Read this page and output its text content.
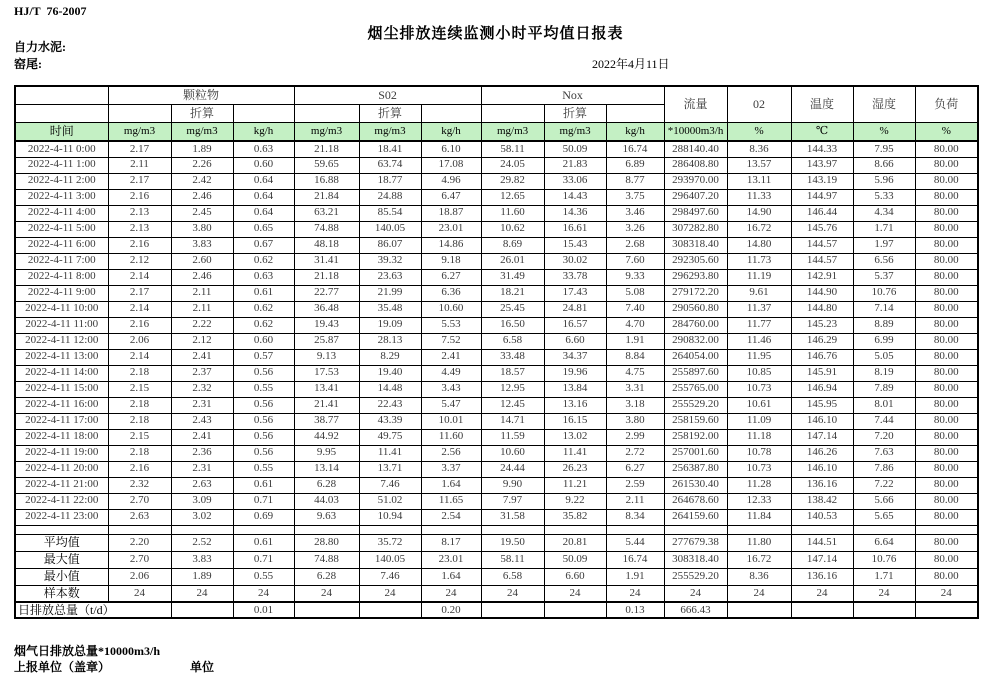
HJ/T  76-2007
烟尘排放连续监测小时平均值日报表
自力水泥:
窑尾:	2022年4月11日
	颗粒物			S02			Nox			流量	02	温度	湿度	负荷
		折算			折算			折算						
时间	mg/m3	mg/m3	kg/h	mg/m3	mg/m3	kg/h	mg/m3	mg/m3	kg/h	*10000m3/h	%	℃	%	%
2022-4-11 0:00	2.17	1.89	0.63	21.18	18.41	6.10	58.11	50.09	16.74	288140.40	8.36	144.33	7.95	80.00
2022-4-11 1:00	2.11	2.26	0.60	59.65	63.74	17.08	24.05	21.83	6.89	286408.80	13.57	143.97	8.66	80.00
2022-4-11 2:00	2.17	2.42	0.64	16.88	18.77	4.96	29.82	33.06	8.77	293970.00	13.11	143.19	5.96	80.00
2022-4-11 3:00	2.16	2.46	0.64	21.84	24.88	6.47	12.65	14.43	3.75	296407.20	11.33	144.97	5.33	80.00
2022-4-11 4:00	2.13	2.45	0.64	63.21	85.54	18.87	11.60	14.36	3.46	298497.60	14.90	146.44	4.34	80.00
2022-4-11 5:00	2.13	3.80	0.65	74.88	140.05	23.01	10.62	16.61	3.26	307282.80	16.72	145.76	1.71	80.00
2022-4-11 6:00	2.16	3.83	0.67	48.18	86.07	14.86	8.69	15.43	2.68	308318.40	14.80	144.57	1.97	80.00
2022-4-11 7:00	2.12	2.60	0.62	31.41	39.32	9.18	26.01	30.02	7.60	292305.60	11.73	144.57	6.56	80.00
2022-4-11 8:00	2.14	2.46	0.63	21.18	23.63	6.27	31.49	33.78	9.33	296293.80	11.19	142.91	5.37	80.00
2022-4-11 9:00	2.17	2.11	0.61	22.77	21.99	6.36	18.21	17.43	5.08	279172.20	9.61	144.90	10.76	80.00
2022-4-11 10:00	2.14	2.11	0.62	36.48	35.48	10.60	25.45	24.81	7.40	290560.80	11.37	144.80	7.14	80.00
2022-4-11 11:00	2.16	2.22	0.62	19.43	19.09	5.53	16.50	16.57	4.70	284760.00	11.77	145.23	8.89	80.00
2022-4-11 12:00	2.06	2.12	0.60	25.87	28.13	7.52	6.58	6.60	1.91	290832.00	11.46	146.29	6.99	80.00
2022-4-11 13:00	2.14	2.41	0.57	9.13	8.29	2.41	33.48	34.37	8.84	264054.00	11.95	146.76	5.05	80.00
2022-4-11 14:00	2.18	2.37	0.56	17.53	19.40	4.49	18.57	19.96	4.75	255897.60	10.85	145.91	8.19	80.00
2022-4-11 15:00	2.15	2.32	0.55	13.41	14.48	3.43	12.95	13.84	3.31	255765.00	10.73	146.94	7.89	80.00
2022-4-11 16:00	2.18	2.31	0.56	21.41	22.43	5.47	12.45	13.16	3.18	255529.20	10.61	145.95	8.01	80.00
2022-4-11 17:00	2.18	2.43	0.56	38.77	43.39	10.01	14.71	16.15	3.80	258159.60	11.09	146.10	7.44	80.00
2022-4-11 18:00	2.15	2.41	0.56	44.92	49.75	11.60	11.59	13.02	2.99	258192.00	11.18	147.14	7.20	80.00
2022-4-11 19:00	2.18	2.36	0.56	9.95	11.41	2.56	10.60	11.41	2.72	257001.60	10.78	146.26	7.63	80.00
2022-4-11 20:00	2.16	2.31	0.55	13.14	13.71	3.37	24.44	26.23	6.27	256387.80	10.73	146.10	7.86	80.00
2022-4-11 21:00	2.32	2.63	0.61	6.28	7.46	1.64	9.90	11.21	2.59	261530.40	11.28	136.16	7.22	80.00
2022-4-11 22:00	2.70	3.09	0.71	44.03	51.02	11.65	7.97	9.22	2.11	264678.60	12.33	138.42	5.66	80.00
2022-4-11 23:00	2.63	3.02	0.69	9.63	10.94	2.54	31.58	35.82	8.34	264159.60	11.84	140.53	5.65	80.00

平均值	2.20	2.52	0.61	28.80	35.72	8.17	19.50	20.81	5.44	277679.38	11.80	144.51	6.64	80.00
最大值	2.70	3.83	0.71	74.88	140.05	23.01	58.11	50.09	16.74	308318.40	16.72	147.14	10.76	80.00
最小值	2.06	1.89	0.55	6.28	7.46	1.64	6.58	6.60	1.91	255529.20	8.36	136.16	1.71	80.00
样本数	24	24	24	24	24	24	24	24	24	24	24	24	24	24
日排放总量（t/d）			0.01			0.20			0.13	666.43				
烟气日排放总量*10000m3/h
上报单位（盖章）	单位
